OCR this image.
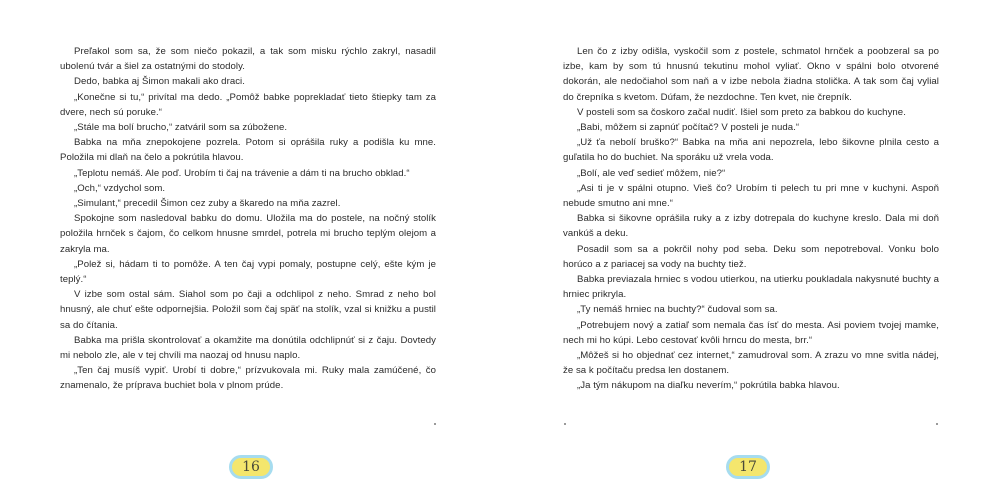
Preľakol som sa, že som niečo pokazil, a tak som misku rýchlo zakryl, nasadil ubolenú tvár a šiel za ostatnými do stodoly.

Dedo, babka aj Šimon makali ako draci.

„Konečne si tu,“ privítal ma dedo. „Pomôž babke poprekladať tieto štiepky tam za dvere, nech sú poruke.“

„Stále ma bolí brucho,“ zatváril som sa zúbožene.

Babka na mňa znepokojene pozrela. Potom si oprášila ruky a podišla ku mne. Položila mi dlaň na čelo a pokrútila hlavou.

„Teplotu nemáš. Ale poď. Urobím ti čaj na trávenie a dám ti na brucho obklad.“

„Och,“ vzdychol som.

„Simulant,“ precedil Šimon cez zuby a škaredo na mňa zazrel.

Spokojne som nasledoval babku do domu. Uložila ma do postele, na nočný stolík položila hrnček s čajom, čo celkom hnusne smrdel, potrela mi brucho teplým olejom a zakryla ma.

„Polež si, hádam ti to pomôže. A ten čaj vypi pomaly, postupne celý, ešte kým je teplý.“

V izbe som ostal sám. Siahol som po čaji a odchlipol z neho. Smrad z neho bol hnusný, ale chuť ešte odpornejšia. Položil som čaj späť na stolík, vzal si knižku a pustil sa do čítania.

Babka ma prišla skontrolovať a okamžite ma donútila odchlipnúť si z čaju. Dovtedy mi nebolo zle, ale v tej chvíli ma naozaj od hnusu naplo.

„Ten čaj musíš vypiť. Urobí ti dobre,“ prízvukovala mi. Ruky mala zamúčené, čo znamenalo, že príprava buchiet bola v plnom prúde.

Len čo z izby odišla, vyskočil som z postele, schmatol hrnček a poobzeral sa po izbe, kam by som tú hnusnú tekutinu mohol vyliať. Okno v spálni bolo otvorené dokorán, ale nedočiahol som naň a v izbe nebola žiadna stolička. A tak som čaj vylial do črepníka s kvetom. Dúfam, že nezdochne. Ten kvet, nie črepník.

V posteli som sa čoskoro začal nudiť. Išiel som preto za babkou do kuchyne.

„Babi, môžem si zapnúť počítač? V posteli je nuda.“

„Už ťa nebolí bruško?“ Babka na mňa ani nepozrela, lebo šikovne plnila cesto a guľatila ho do buchiet. Na sporáku už vrela voda.

„Bolí, ale veď sedieť môžem, nie?“

„Asi ti je v spálni otupno. Vieš čo? Urobím ti pelech tu pri mne v kuchyni. Aspoň nebude smutno ani mne.“

Babka si šikovne oprášila ruky a z izby dotrepala do kuchyne kreslo. Dala mi doň vankúš a deku.

Posadil som sa a pokrčil nohy pod seba. Deku som nepotreboval. Vonku bolo horúco a z pariacej sa vody na buchty tiež.

Babka previazala hrniec s vodou utierkou, na utierku poukladala nakysnuté buchty a hrniec prikryla.

„Ty nemáš hrniec na buchty?“ čudoval som sa.

„Potrebujem nový a zatiaľ som nemala čas ísť do mesta. Asi poviem tvojej mamke, nech mi ho kúpi. Lebo cestovať kvôli hrncu do mesta, brr.“

„Môžeš si ho objednať cez internet,“ zamudroval som. A zrazu vo mne svitla nádej, že sa k počítaču predsa len dostanem.

„Ja tým nákupom na diaľku neverím,“ pokrútila babka hlavou.

16	17
